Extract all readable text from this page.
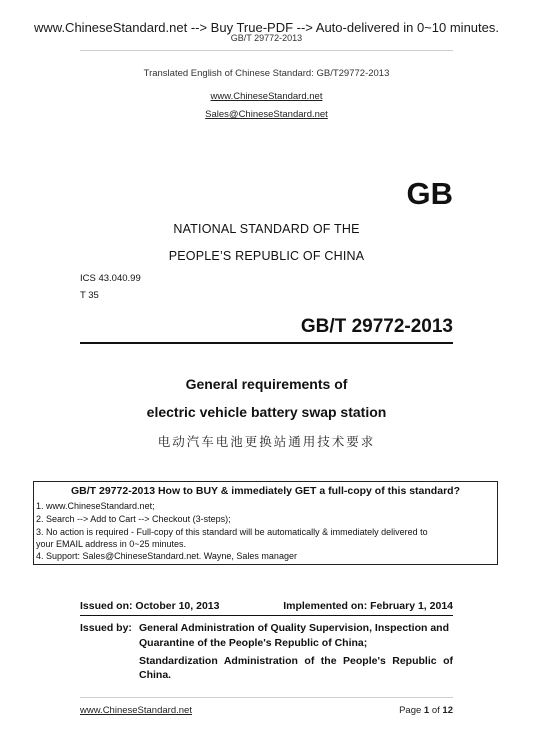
www.ChineseStandard.net --> Buy True-PDF --> Auto-delivered in 0~10 minutes.
GB/T 29772-2013
Translated English of Chinese Standard: GB/T29772-2013
www.ChineseStandard.net
Sales@ChineseStandard.net
GB
NATIONAL STANDARD OF THE
PEOPLE’S REPUBLIC OF CHINA
ICS 43.040.99
T 35
GB/T 29772-2013
General requirements of
electric vehicle battery swap station
电动汽车电池更换站通用技术要求
GB/T 29772-2013 How to BUY & immediately GET a full-copy of this standard?
1. www.ChineseStandard.net;
2. Search --> Add to Cart --> Checkout (3-steps);
3. No action is required - Full-copy of this standard will be automatically & immediately delivered to
your EMAIL address in 0~25 minutes.
4. Support: Sales@ChineseStandard.net. Wayne, Sales manager
Issued on: October 10, 2013	Implemented on: February 1, 2014
Issued by: General Administration of Quality Supervision, Inspection and
Quarantine of the People's Republic of China;
Standardization Administration of the People's Republic of
China.
www.ChineseStandard.net	Page 1 of 12
